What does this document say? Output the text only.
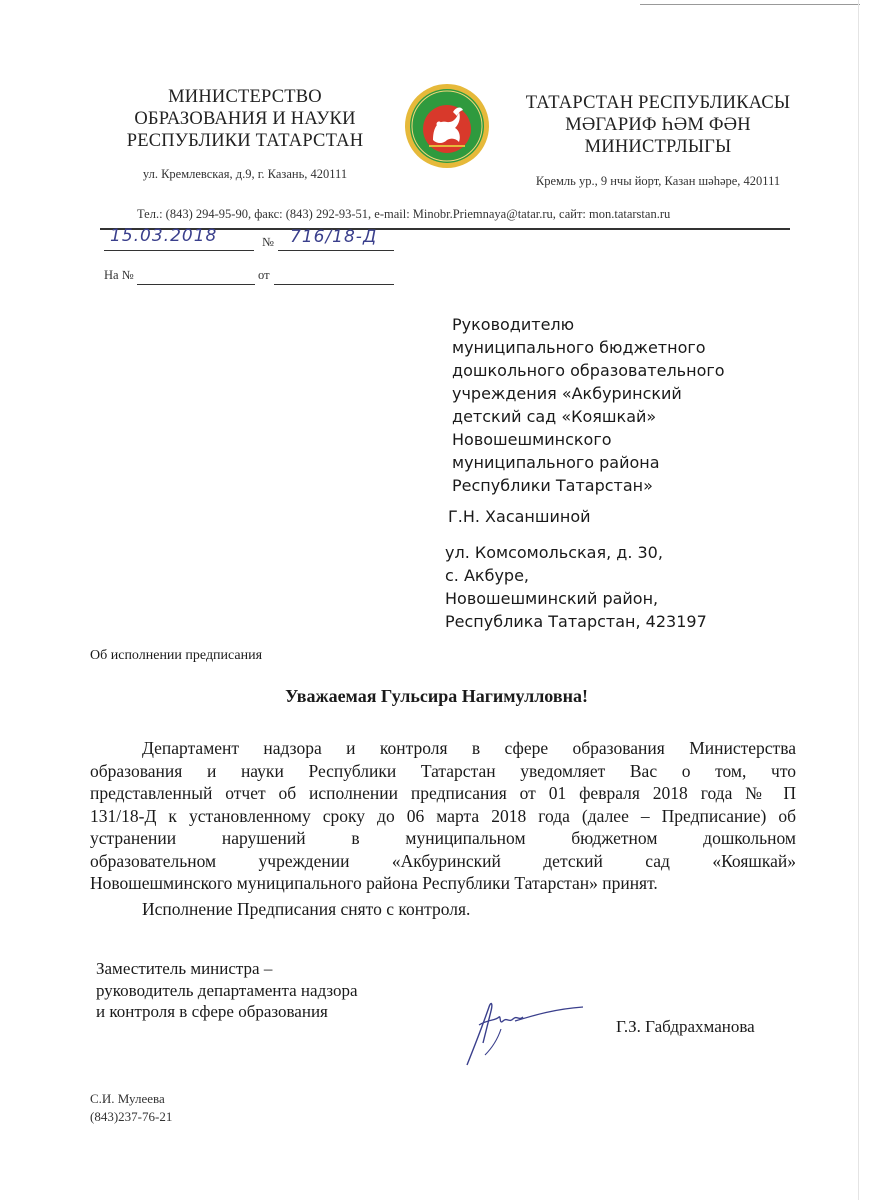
МИНИСТЕРСТВО
ОБРАЗОВАНИЯ И НАУКИ
РЕСПУБЛИКИ ТАТАРСТАН
ул. Кремлевская, д.9, г. Казань, 420111
ТАТАРСТАН РЕСПУБЛИКАСЫ
МӘГАРИФ ҺӘМ ФӘН
МИНИСТРЛЫГЫ
Кремль ур., 9 нчы йорт, Казан шәһәре, 420111
Тел.: (843) 294-95-90, факс: (843) 292-93-51, e-mail: Minobr.Priemnaya@tatar.ru, сайт: mon.tatarstan.ru
15.03.2018	№ 716/18-Д
На №	от
Руководителю
муниципального бюджетного
дошкольного образовательного
учреждения «Акбуринский
детский сад «Кояшкай»
Новошешминского
муниципального района
Республики Татарстан»
Г.Н. Хасаншиной
ул. Комсомольская, д. 30,
с. Акбуре,
Новошешминский район,
Республика Татарстан, 423197
Об исполнении предписания
Уважаемая Гульсира Нагимулловна!
Департамент надзора и контроля в сфере образования Министерства
образования и науки Республики Татарстан уведомляет Вас о том, что
представленный отчет об исполнении предписания от 01 февраля 2018 года № П
131/18-Д к установленному сроку до 06 марта 2018 года (далее – Предписание) об
устранении нарушений в муниципальном бюджетном дошкольном
образовательном учреждении «Акбуринский детский сад «Кояшкай»
Новошешминского муниципального района Республики Татарстан» принят.
Исполнение Предписания снято с контроля.
Заместитель министра –
руководитель департамента надзора
и контроля в сфере образования
Г.З. Габдрахманова
С.И. Мулеева
(843)237-76-21
